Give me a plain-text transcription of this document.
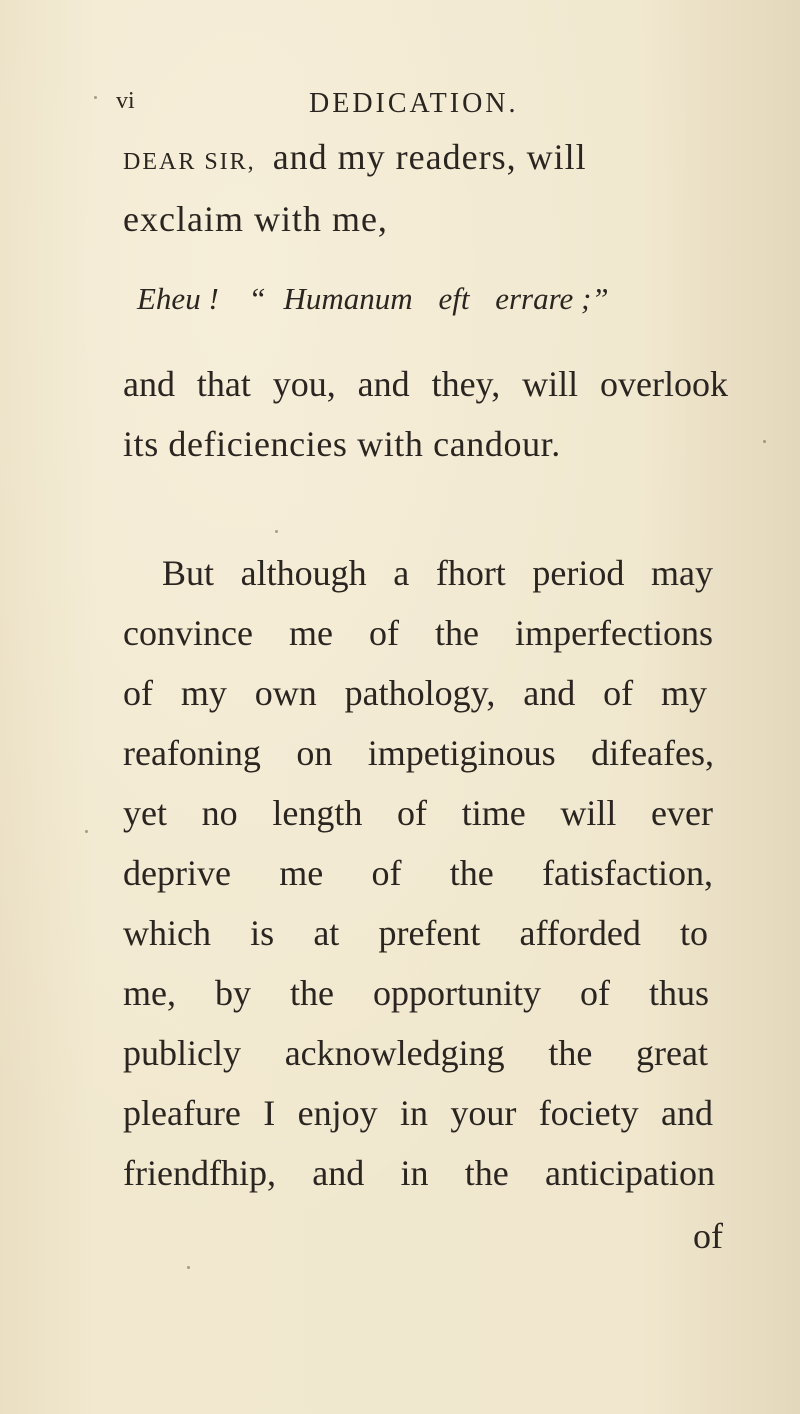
vi	DEDICATION.
DEAR SIR, and my readers, will
exclaim with me,
Eheu ! “ Humanum eft errare ;”
and that you, and they, will overlook
its deficiencies with candour.
But although a fhort period may
convince me of the imperfections
of my own pathology, and of my
reafoning on impetiginous difeafes,
yet no length of time will ever
deprive me of the fatisfaction,
which is at prefent afforded to
me, by the opportunity of thus
publicly acknowledging the great
pleafure I enjoy in your fociety and
friendfhip, and in the anticipation
of
